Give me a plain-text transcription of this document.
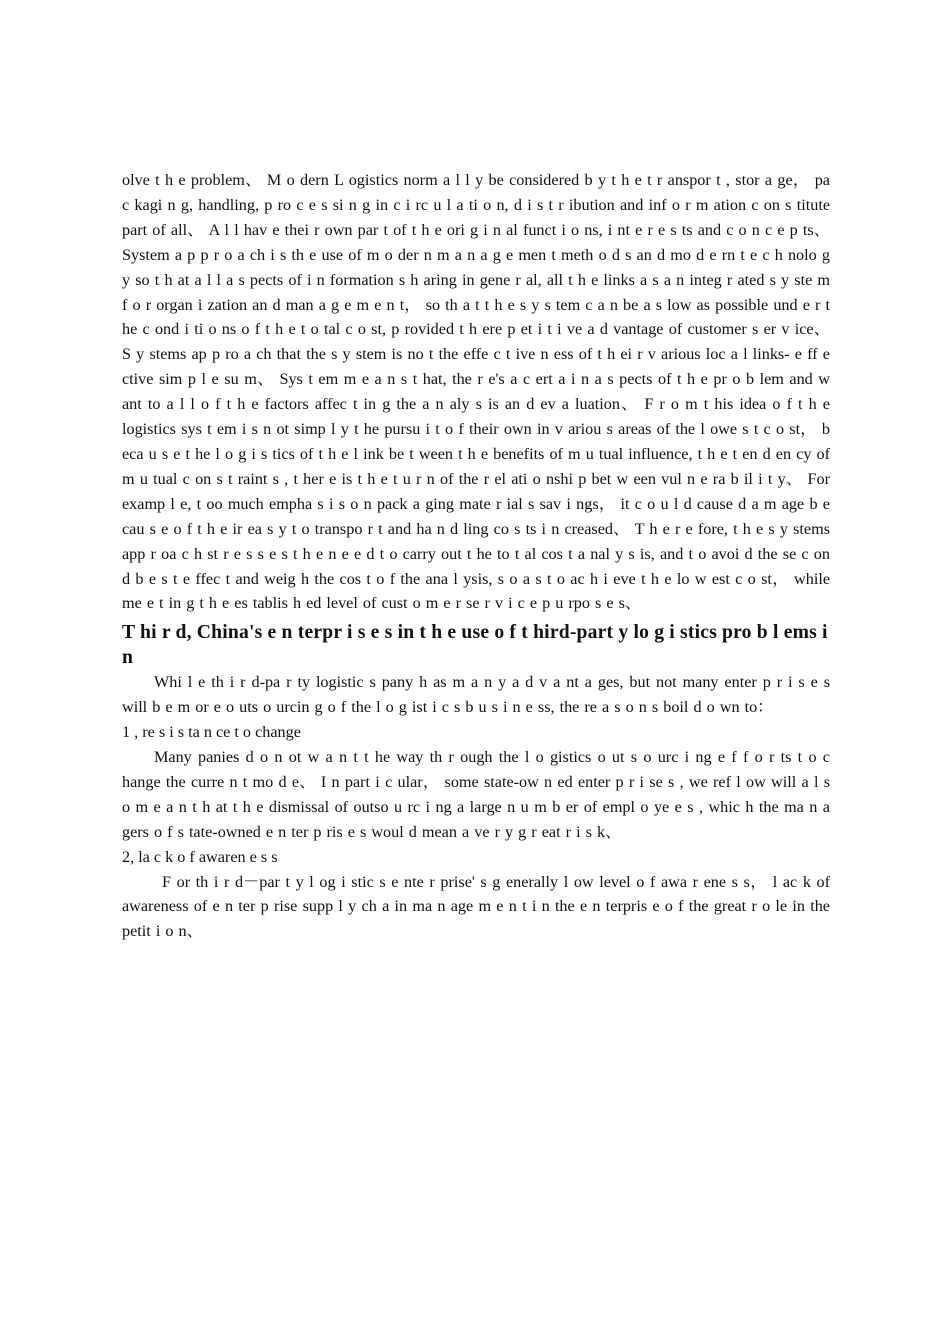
olve t h e problem、 M o dern L ogistics norm a l l y be considered b y t h e t r anspor t , stor a ge， pa c kagi n g, handling, p ro c e s si n g in c i rc u l a ti o n, d i s t r ibution and inf o r m ation c on s titute part of all、 A l l hav e thei r own par t of t h e ori g i n al funct i o ns, i nt e r e s ts and c o n c e p ts、 System a p p r o a ch i s th e use of m o der n m a n a g e men t meth o d s an d mo d e rn t e c h nolo g y so t h at a l l a s pects of i n formation s h aring in gene r al, all t h e links a s a n integ r ated s y ste m f o r organ i zation an d man a g e m e n t， so th a t t h e s y s tem c a n be a s low as possible und e r t he c ond i ti o ns o f t h e t o tal c o st, p rovided t h ere p et i t i ve a d vantage of customer s er v ice、 S y stems ap p ro a ch that the s y stem is no t the effe c t ive n ess of t h ei r v arious loc a l links- e ff e ctive sim p l e su m、 Sys t em m e a n s t hat, the r e's a c ert a i n a s pects of t h e pr o b lem and w ant to a l l o f t h e factors affec t in g the a n aly s is an d ev a luation、 F r o m t his idea o f t h e logistics sys t em i s n ot simp l y t he pursu i t o f their own in v ariou s areas of the l owe s t c o st， b eca u s e t he l o g i s tics of t h e l ink be t ween t h e benefits of m u tual influence, t h e t en d en cy of m u tual c on s t raint s , t her e is t h e t u r n of the r el ati o nshi p bet w een vul n e ra b il i t y、 For examp l e, t oo much empha s i s o n pack a ging mate r ial s sav i ngs， it c o u l d cause d a m age b e cau s e o f t h e ir ea s y t o transpo r t and ha n d ling co s ts i n creased、 T h e r e fore, t h e s y stems app r oa c h st r e s s e s t h e n e e d t o carry out t he to t al cos t a nal y s is, and t o avoi d the se c on d b e s t e ffec t and weig h the cos t o f the ana l ysis, s o a s t o ac h i eve t h e lo w est c o st， while me e t in g t h e es tablis h ed level of cust o m e r se r v i c e p u rpo s e s、

T hi r d, China's e n terpr i s e s in t h e use o f t hird-part y lo g i stics pro b l ems i n

Whi l e th i r d-pa r ty logistic s pany h as m a n y a d v a nt a ges, but not many enter p r i s e s will b e m or e o uts o urcin g o f the l o g ist i c s b u s i n e ss, the re a s o n s boil d o wn to：

1 , re s i s ta n ce t o change

Many panies d o n ot w a n t t he way th r ough the l o gistics o ut s o urc i ng e f f o r ts t o c hange the curre n t mo d e、 I n part i c ular， some state-ow n ed enter p r i se s , we ref l ow will a l s o m e a n t h at t h e dismissal of outso u rc i ng a large n u m b er of empl o ye e s , whic h the ma n a gers o f s tate-owned e n ter p ris e s woul d mean a ve r y g r eat r i s k、

2, la c k o f awaren e s s

F or th i r d－par t y l og i stic s e nte r prise' s g enerally l ow level o f awa r ene s s， l ac k of awareness of e n ter p rise supp l y ch a in ma n age m e n t i n the e n terpris e o f the great r o le in the petit i o n、
